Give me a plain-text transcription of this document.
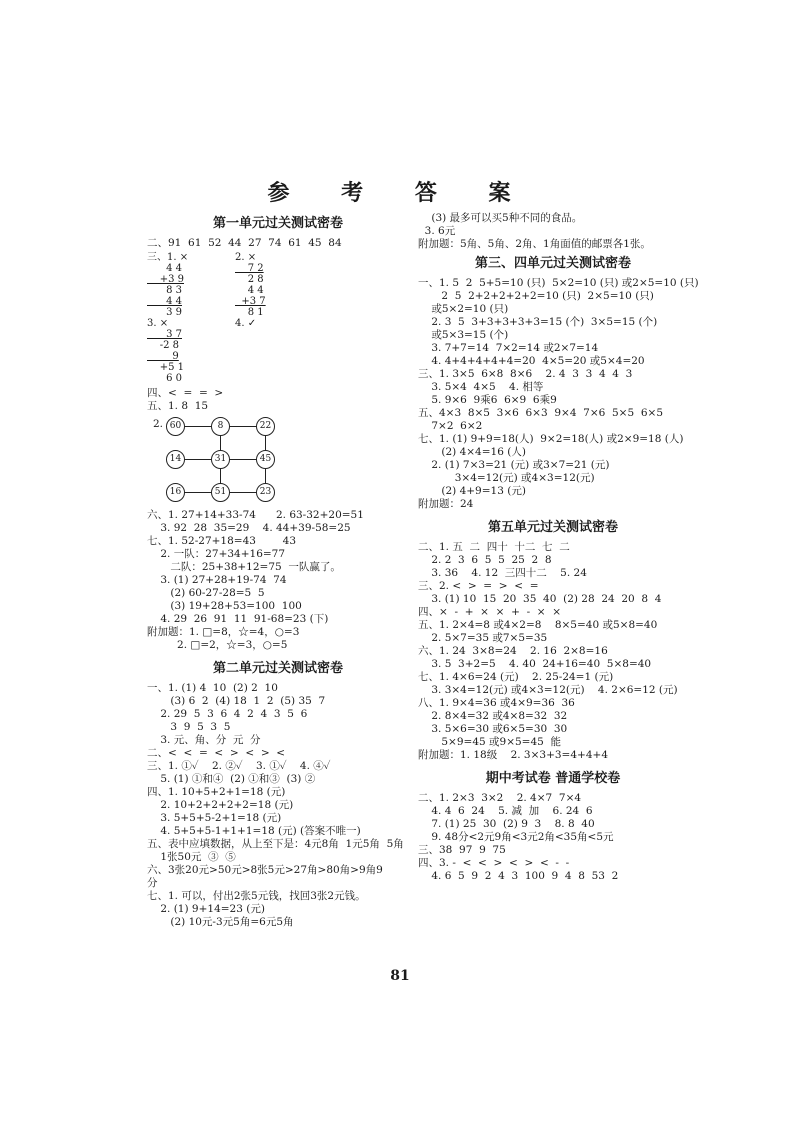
参 考 答 案
第一单元过关测试密卷
二、91  61  52  44  27  74  61  45  84
三、1. ×
4 4
+3 9
8 3
4 4
3 9
2. ×
7 2
2 8
4 4
+3 7
8 1
3. ×
3 7
-2 8
9
+5 1
6 0
4. ✓
四、<  =  =  >
五、1. 8  15
2. 60	8	22
14	31	45
16	51	23
六、1. 27+14+33-74      2. 63-32+20=51
3. 92  28  35=29    4. 44+39-58=25
七、1. 52-27+18=43        43
2. 一队：27+34+16=77
二队：25+38+12=75  一队赢了。
3. (1) 27+28+19-74  74
(2) 60-27-28=5  5
(3) 19+28+53=100  100
4. 29  26  91  11  91-68=23 (下)
附加题：1. □=8，☆=4，○=3
2. □=2，☆=3，○=5
第二单元过关测试密卷
一、1. (1) 4  10  (2) 2  10
(3) 6  2  (4) 18  1  2  (5) 35  7
2. 29  5  3  6  4  2  4  3  5  6
3  9  5  3  5
3. 元、角、分  元  分
二、<  <  =  <  >  <  >  <
三、1. ①✓    2. ②✓    3. ①✓    4. ④✓
5. (1) ①和④  (2) ①和③  (3) ②
四、1. 10+5+2+1=18 (元)
2. 10+2+2+2+2=18 (元)
3. 5+5+5-2+1=18 (元)
4. 5+5+5-1+1+1=18 (元) (答案不唯一)
五、表中应填数据，从上至下是：4元8角  1元5角  5角
1张50元  ③  ⑤
六、3张20元>50元>8张5元>27角>80角>9角9
分
七、1. 可以，付出2张5元钱，找回3张2元钱。
2. (1) 9+14=23 (元)
(2) 10元-3元5角=6元5角
(3) 最多可以买5种不同的食品。
3. 6元
附加题：5角、5角、2角、1角面值的邮票各1张。
第三、四单元过关测试密卷
一、1. 5  2  5+5=10 (只)  5×2=10 (只) 或2×5=10 (只)
2  5  2+2+2+2+2=10 (只)  2×5=10 (只)
或5×2=10 (只)
2. 3  5  3+3+3+3+3=15 (个)  3×5=15 (个)
或5×3=15 (个)
3. 7+7=14  7×2=14 或2×7=14
4. 4+4+4+4+4=20  4×5=20 或5×4=20
三、1. 3×5  6×8  8×6    2. 4  3  3  4  4  3
3. 5×4  4×5    4. 相等
5. 9×6  9乘6  6×9  6乘9
五、4×3  8×5  3×6  6×3  9×4  7×6  5×5  6×5
7×2  6×2
七、1. (1) 9+9=18(人)  9×2=18(人) 或2×9=18 (人)
(2) 4×4=16 (人)
2. (1) 7×3=21 (元) 或3×7=21 (元)
3×4=12(元) 或4×3=12(元)
(2) 4+9=13 (元)
附加题：24
第五单元过关测试密卷
二、1. 五  二  四十  十二  七  二
2. 2  3  6  5  5  25  2  8
3. 36    4. 12  三四十二    5. 24
三、2. <  >  =  >  <  =
3. (1) 10  15  20  35  40  (2) 28  24  20  8  4
四、×  -  +  ×  ×  +  -  ×  ×
五、1. 2×4=8 或4×2=8    8×5=40 或5×8=40
2. 5×7=35 或7×5=35
六、1. 24  3×8=24    2. 16  2×8=16
3. 5  3+2=5    4. 40  24+16=40  5×8=40
七、1. 4×6=24 (元)    2. 25-24=1 (元)
3. 3×4=12(元) 或4×3=12(元)    4. 2×6=12 (元)
八、1. 9×4=36 或4×9=36  36
2. 8×4=32 或4×8=32  32
3. 5×6=30 或6×5=30  30
5×9=45 或9×5=45  能
附加题：1. 18级    2. 3×3+3=4+4+4
期中考试卷 普通学校卷
二、1. 2×3  3×2    2. 4×7  7×4
4. 4  6  24    5. 减  加    6. 24  6
7. (1) 25  30  (2) 9  3    8. 8  40
9. 48分<2元9角<3元2角<35角<5元
三、38  97  9  75
四、3. -  <  <  >  <  >  <  -  -
4. 6  5  9  2  4  3  100  9  4  8  53  2
81
